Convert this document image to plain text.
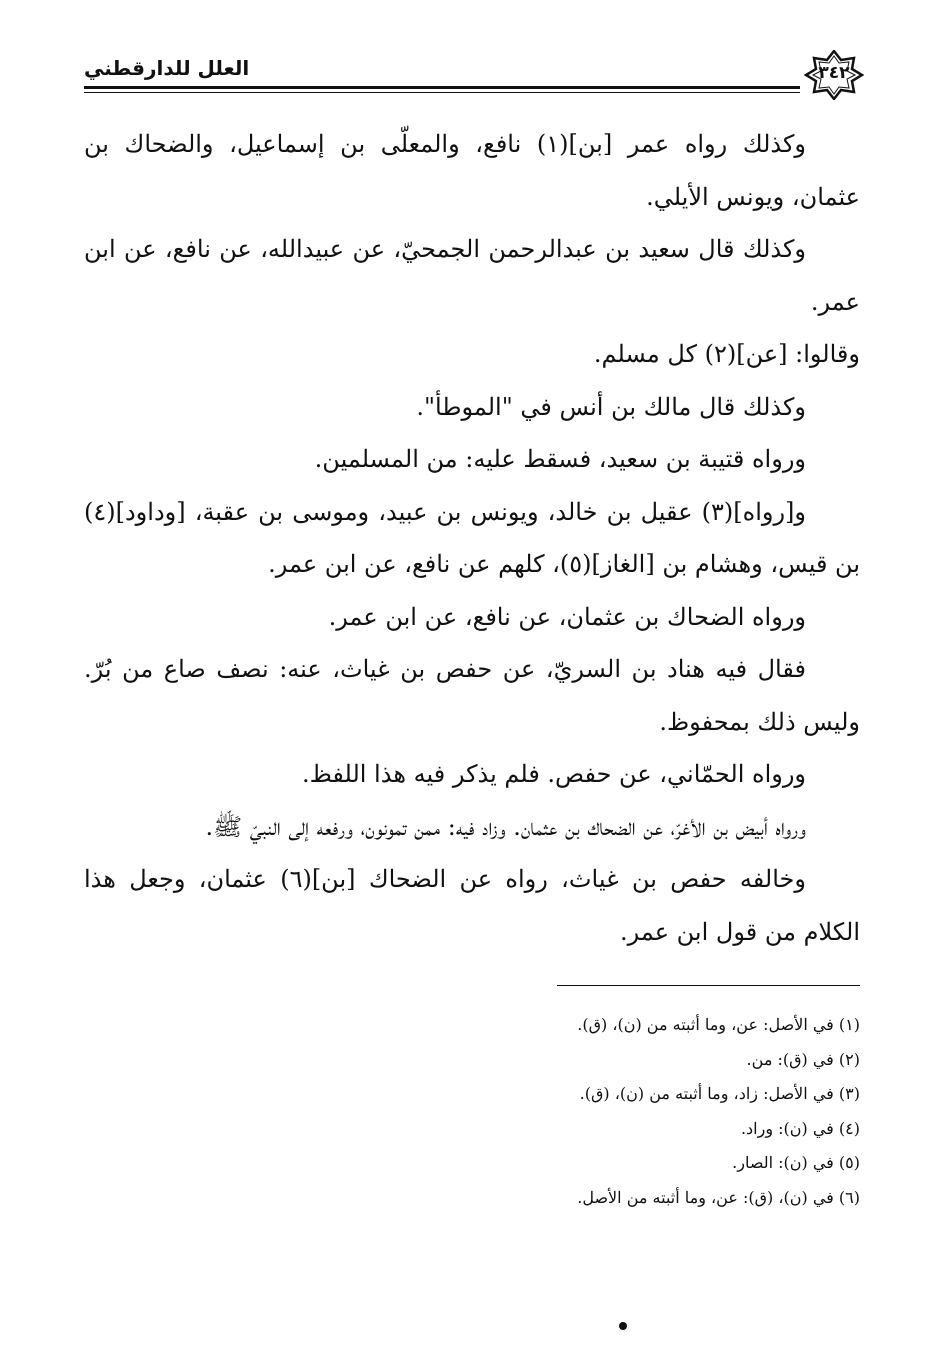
العلل للدارقطني	٣٤٢

وكذلك رواه عمر [بن](١) نافع، والمعلّى بن إسماعيل، والضحاك بن عثمان، ويونس الأيلي.

وكذلك قال سعيد بن عبدالرحمن الجمحيّ، عن عبيدالله، عن نافع، عن ابن عمر.

وقالوا: [عن](٢) كل مسلم.

وكذلك قال مالك بن أنس في "الموطأ".

ورواه قتيبة بن سعيد، فسقط عليه: من المسلمين.

و[رواه](٣) عقيل بن خالد، ويونس بن عبيد، وموسى بن عقبة، [وداود](٤) بن قيس، وهشام بن [الغاز](٥)، كلهم عن نافع، عن ابن عمر.

ورواه الضحاك بن عثمان، عن نافع، عن ابن عمر.

فقال فيه هناد بن السريّ، عن حفص بن غياث، عنه: نصف صاع من بُرّ. وليس ذلك بمحفوظ.

ورواه الحمّاني، عن حفص. فلم يذكر فيه هذا اللفظ.

ورواه أبيض بن الأغرّ، عن الضحاك بن عثمان. وزاد فيه: ممن تمونون، ورفعه إلى النبيّ ﷺ.

وخالفه حفص بن غياث، رواه عن الضحاك [بن](٦) عثمان، وجعل هذا الكلام من قول ابن عمر.

(١) في الأصل: عن، وما أثبته من (ن)، (ق).
(٢) في (ق): من.
(٣) في الأصل: زاد، وما أثبته من (ن)، (ق).
(٤) في (ن): وراد.
(٥) في (ن): الصار.
(٦) في (ن)، (ق): عن، وما أثبته من الأصل.
